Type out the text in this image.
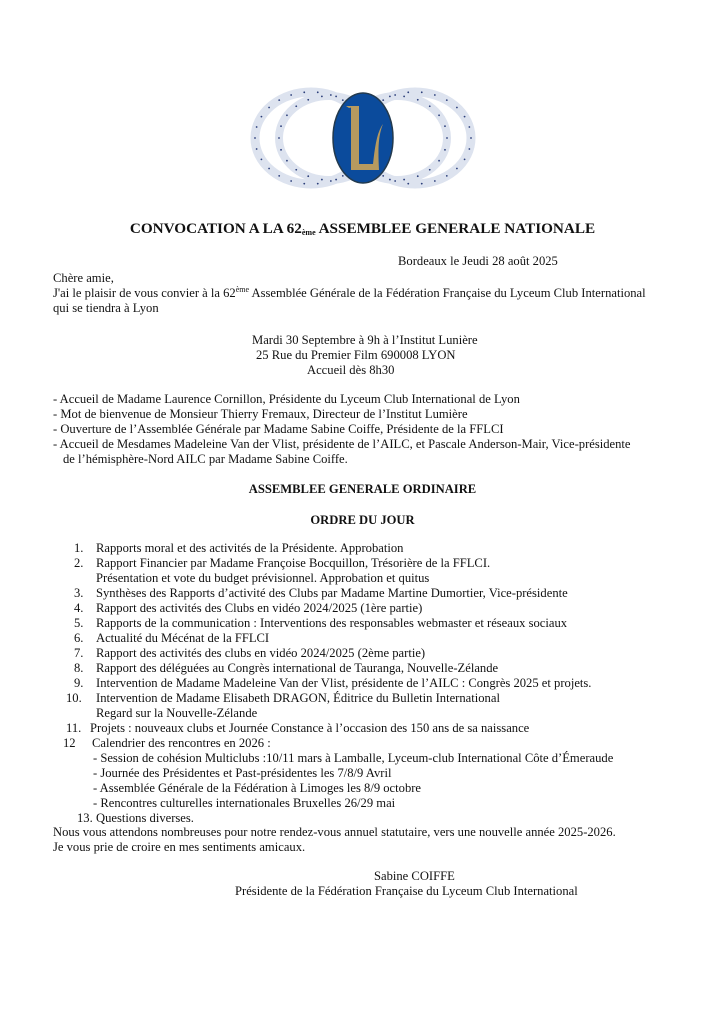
CONVOCATION A LA 62ème ASSEMBLEE GENERALE NATIONALE
Bordeaux le Jeudi 28 août 2025
Chère amie,
J'ai le plaisir de vous convier à la 62ème Assemblée Générale de la Fédération Française du Lyceum Club International
qui se tiendra à Lyon
Mardi 30 Septembre à 9h à l’Institut Lunière
25 Rue du Premier Film 690008 LYON
Accueil dès 8h30
- Accueil de Madame Laurence Cornillon, Présidente du Lyceum Club International de Lyon
- Mot de bienvenue de Monsieur Thierry Fremaux, Directeur de l’Institut Lumière
- Ouverture de l’Assemblée Générale par Madame Sabine Coiffe, Présidente de la FFLCI
- Accueil de Mesdames Madeleine Van der Vlist, présidente de l’AILC, et Pascale Anderson-Mair, Vice-présidente
de l’hémisphère-Nord AILC par Madame Sabine Coiffe.
ASSEMBLEE GENERALE ORDINAIRE
ORDRE DU JOUR
1. Rapports moral et des activités de la Présidente. Approbation
2. Rapport Financier par Madame Françoise Bocquillon, Trésorière de la FFLCI.
Présentation et vote du budget prévisionnel. Approbation et quitus
3. Synthèses des Rapports d’activité des Clubs par Madame Martine Dumortier, Vice-présidente
4. Rapport des activités des Clubs en vidéo 2024/2025 (1ère partie)
5. Rapports de la communication : Interventions des responsables webmaster et réseaux sociaux
6. Actualité du Mécénat de la FFLCI
7. Rapport des activités des clubs en vidéo 2024/2025 (2ème partie)
8. Rapport des déléguées au Congrès international de Tauranga, Nouvelle-Zélande
9. Intervention de Madame Madeleine Van der Vlist, présidente de l’AILC : Congrès 2025 et projets.
10. Intervention de Madame Elisabeth DRAGON, Éditrice du Bulletin International
Regard sur la Nouvelle-Zélande
11. Projets : nouveaux clubs et Journée Constance à l’occasion des 150 ans de sa naissance
12 Calendrier des rencontres en 2026 :
- Session de cohésion Multiclubs :10/11 mars à Lamballe, Lyceum-club International Côte d’Émeraude
- Journée des Présidentes et Past-présidentes les 7/8/9 Avril
- Assemblée Générale de la Fédération à Limoges les 8/9 octobre
- Rencontres culturelles internationales Bruxelles 26/29 mai
13. Questions diverses.
Nous vous attendons nombreuses pour notre rendez-vous annuel statutaire, vers une nouvelle année 2025-2026.
Je vous prie de croire en mes sentiments amicaux.
Sabine COIFFE
Présidente de la Fédération Française du Lyceum Club International
